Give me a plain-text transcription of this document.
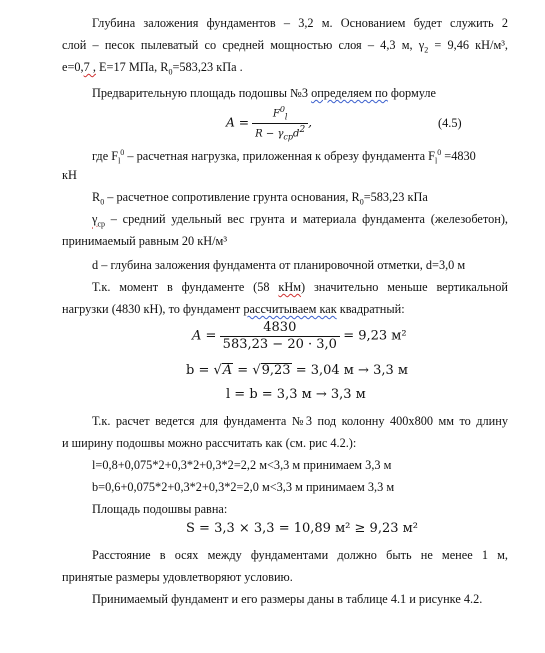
Глубина заложения фундаментов – 3,2 м. Основанием будет служить 2
слой – песок пылеватый со средней мощностью слоя – 4,3 м, $\gamma_2 = 9,46$ кН/м³,
е=0,7 , Е=17 МПа, $R_0=583,23$ кПа .
Предварительную площадь подошвы №3 определяем по формуле
$A = \frac{F^0_l}{R - \gamma_{ср}d^2}$ ,	(4.5)
где $F_l^0$ – расчетная нагрузка, приложенная к обрезу фундамента $F_l^0 =4830$
кН
$R_0$ – расчетное сопротивление грунта основания, $R_0=583,23$ кПа
$\gamma_{ср}$ – средний удельный вес грунта и материала фундамента (железобетон),
принимаемый равным 20 кН/м³
d – глубина заложения фундамента от планировочной отметки, d=3,0 м
Т.к. момент в фундаменте (58 кНм) значительно меньше вертикальной
нагрузки (4830 кН), то фундамент рассчитываем как квадратный:
$A = \frac{4830}{583,23 - 20 \cdot 3,0} = 9,23$ м²
b = √A = √9,23 = 3,04 м → 3,3 м
l = b = 3,3 м → 3,3 м
Т.к. расчет ведется для фундамента №3 под колонну 400х800 мм то длину
и ширину подошвы можно рассчитать как (см. рис 4.2.):
l=0,8+0,075*2+0,3*2+0,3*2=2,2 м<3,3 м принимаем 3,3 м
b=0,6+0,075*2+0,3*2+0,3*2=2,0 м<3,3 м принимаем 3,3 м
Площадь подошвы равна:
S = 3,3 × 3,3 = 10,89 м² ≥ 9,23 м²
Расстояние в осях между фундаментами должно быть не менее 1 м,
принятые размеры удовлетворяют условию.
Принимаемый фундамент и его размеры даны в таблице 4.1 и рисунке 4.2.
